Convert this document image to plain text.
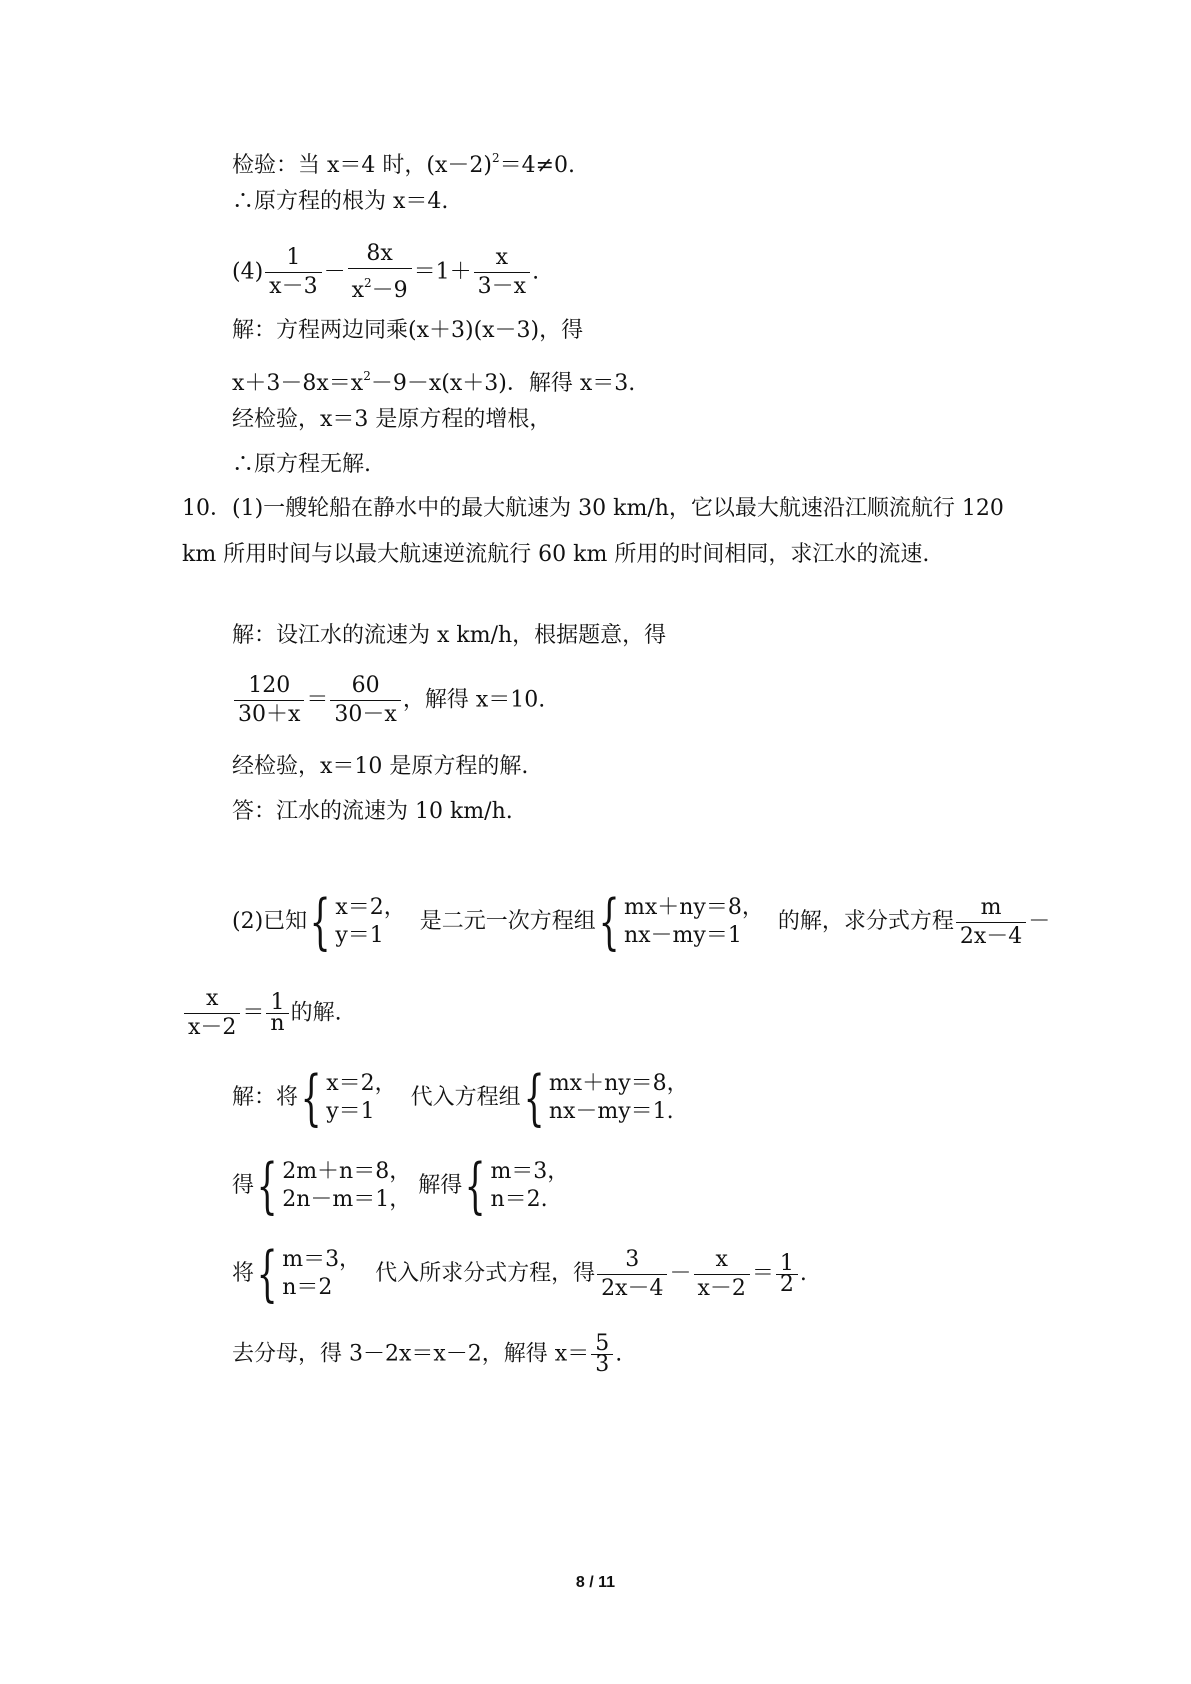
检验：当 x＝4 时，$(x-2)^2=4\ne 0$.
∴原方程的根为 x＝4.
$(4) \frac{1}{x-3} - \frac{8x}{x^2-9} =1+ \frac{x}{3-x}$ .
解：方程两边同乘(x＋3)(x－3)，得
$x+3-8x=x^2-9-x(x+3)$．解得 x＝3.
经检验，x＝3 是原方程的增根，
∴原方程无解.
10．(1)一艘轮船在静水中的最大航速为 30 km/h，它以最大航速沿江顺流航行 120 km 所用时间与以最大航速逆流航行 60 km 所用的时间相同，求江水的流速.
解：设江水的流速为 x km/h，根据题意，得
$\frac{120}{30+x} = \frac{60}{30-x}$ ，解得 x＝10.
经检验，x＝10 是原方程的解.
答：江水的流速为 10 km/h.
(2)已知 { x＝2，
y＝1
是二元一次方程组 { mx＋ny＝8，
nx－my＝1
的解，求分式方程 $\frac{m}{2x-4}$ －
$\frac{x}{x-2} = \frac{1}{n}$ 的解.
解：将 { x＝2，
y＝1
代入方程组 { mx＋ny＝8，
nx－my＝1.
得 { 2m＋n＝8，
2n－m＝1，
解得 { m＝3，
n＝2.
将 { m＝3，
n＝2
代入所求分式方程，得 $\frac{3}{2x-4} - \frac{x}{x-2} = \frac{1}{2}$ .
去分母，得 3－2x＝x－2，解得 $x= \frac{5}{3}$ .
8 / 11
